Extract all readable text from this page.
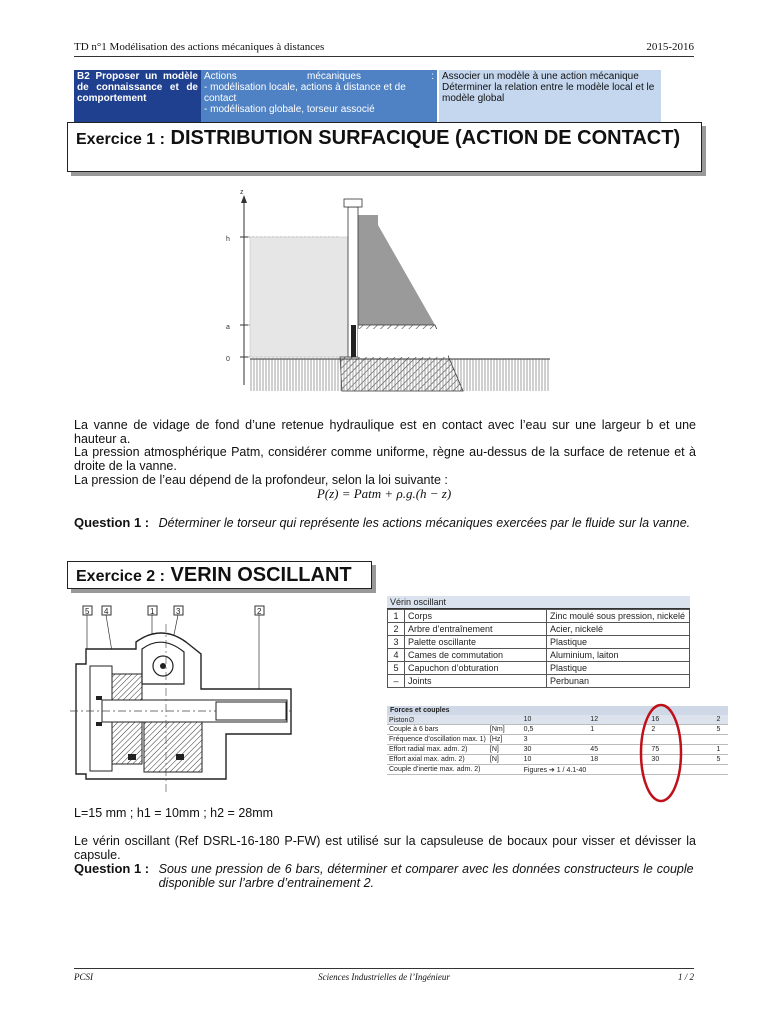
TD n°1 Modélisation des actions mécaniques à distances	2015-2016
B2 Proposer un modèle de connaissance et de comportement
Actions mécaniques :
- modélisation locale, actions à distance et de contact
- modélisation globale, torseur associé
Associer un modèle à une action mécanique Déterminer la relation entre le modèle local et le modèle global
Exercice 1 : DISTRIBUTION SURFACIQUE (ACTION DE CONTACT)
z
h
a
0
La vanne de vidage de fond d’une retenue hydraulique est en contact avec l’eau sur une largeur b et une hauteur a.
La pression atmosphérique Patm, considérer comme uniforme, règne au-dessus de la surface de retenue et à droite de la vanne.
La pression de l’eau dépend de la profondeur, selon la loi suivante :
P(z) = Patm + ρ.g.(h − z)
Question 1 : Déterminer le torseur qui représente les actions mécaniques exercées par le fluide sur la vanne.
Exercice 2 : VERIN OSCILLANT
5 4	1	3	2
Vérin oscillant
1	Corps	Zinc moulé sous pression, nickelé
2	Arbre d’entraînement	Acier, nickelé
3	Palette oscillante	Plastique
4	Cames de commutation	Aluminium, laiton
5	Capuchon d’obturation	Plastique
–	Joints	Perbunan
Forces et couples
Piston∅		10	12	16	2
Couple à 6 bars	[Nm]	0,5	1	2	5
Fréquence d’oscillation max. 1)	[Hz]	3			
Effort radial max. adm. 2)	[N]	30	45	75	1
Effort axial max. adm. 2)	[N]	10	18	30	5
Couple d’inertie max. adm. 2)		Figures ➔ 1 / 4.1-40			
L=15 mm ; h1 = 10mm ; h2 = 28mm
Le vérin oscillant (Ref DSRL-16-180 P-FW) est utilisé sur la capsuleuse de bocaux pour visser et dévisser la capsule.
Question 1 : Sous une pression de 6 bars, déterminer et comparer avec les données constructeurs le couple disponible sur l’arbre d’entrainement 2.
PCSI	Sciences Industrielles de l’Ingénieur	1 / 2
